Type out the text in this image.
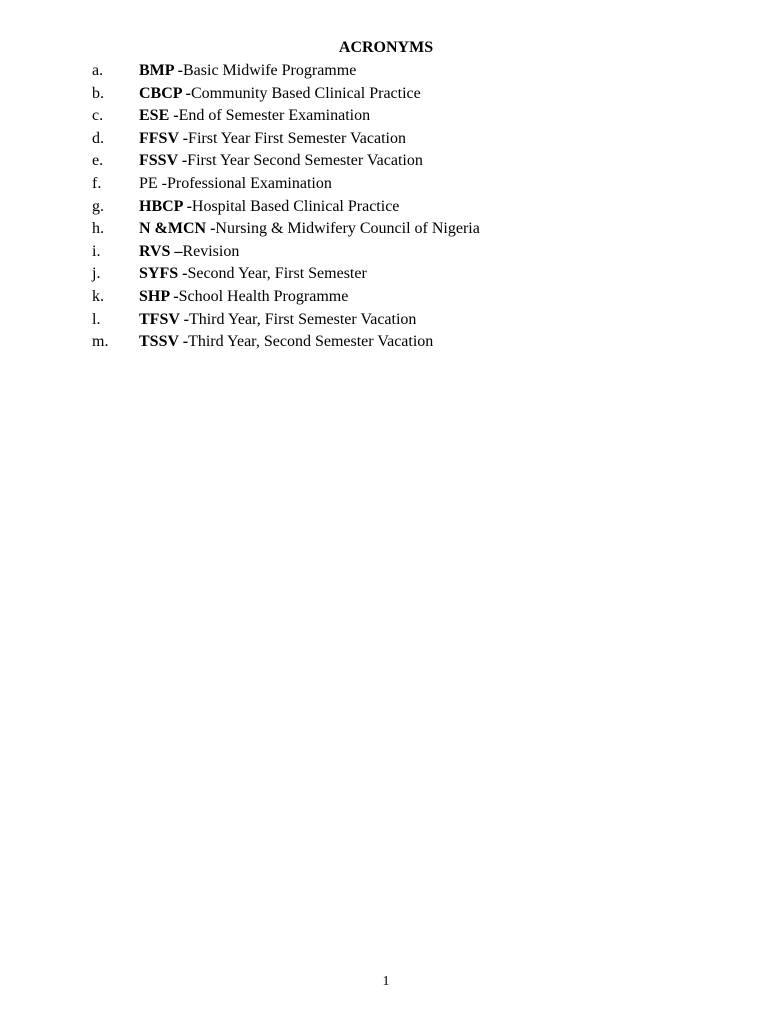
ACRONYMS
a.	BMP -Basic Midwife Programme
b.	CBCP -Community Based Clinical Practice
c.	ESE -End of Semester Examination
d.	FFSV -First Year First Semester Vacation
e.	FSSV -First Year Second Semester Vacation
f.	PE -Professional Examination
g.	HBCP -Hospital Based Clinical Practice
h.	N &MCN -Nursing & Midwifery Council of Nigeria
i.	RVS –Revision
j.	SYFS -Second Year, First Semester
k.	SHP -School Health Programme
l.	TFSV -Third Year, First Semester Vacation
m.	TSSV -Third Year, Second Semester Vacation
1
